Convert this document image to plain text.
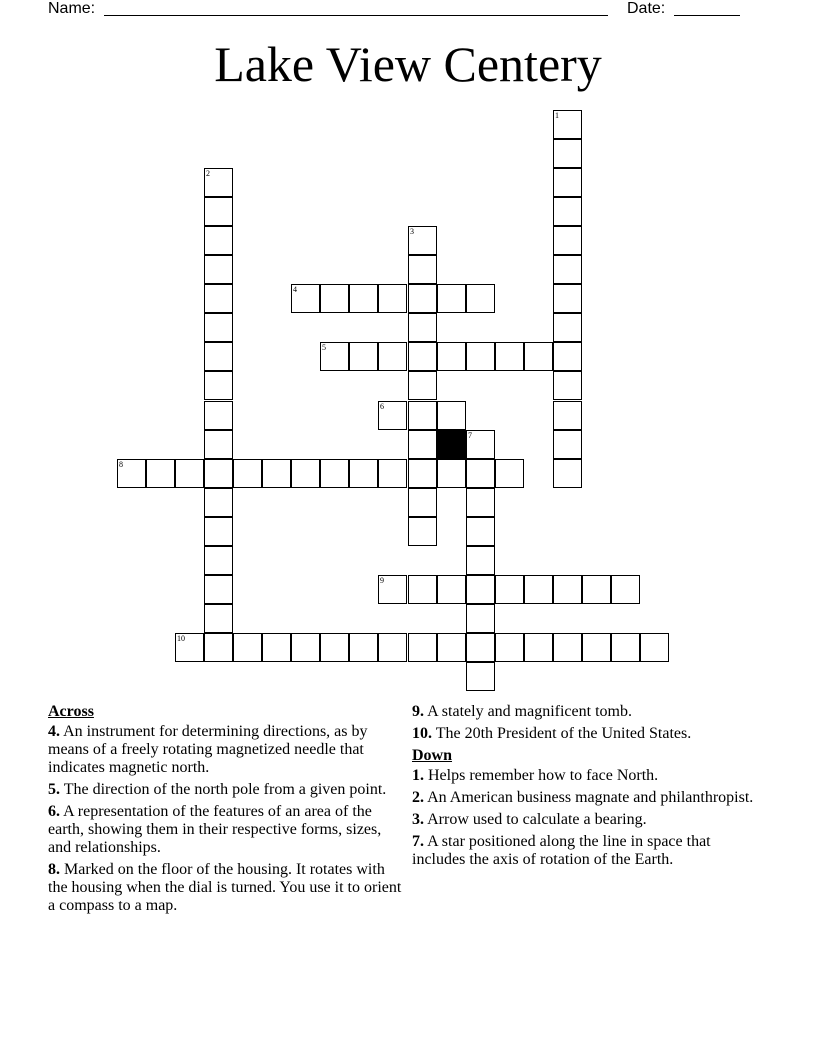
Name:	Date:
Lake View Centery
1
2
3
4
5
6
7
8
9
10
Across
4. An instrument for determining directions, as by means of a freely rotating magnetized needle that indicates magnetic north.
5. The direction of the north pole from a given point.
6. A representation of the features of an area of the earth, showing them in their respective forms, sizes, and relationships.
8. Marked on the floor of the housing. It rotates with the housing when the dial is turned. You use it to orient a compass to a map.
9. A stately and magnificent tomb.
10. The 20th President of the United States.
Down
1. Helps remember how to face North.
2. An American business magnate and philanthropist.
3. Arrow used to calculate a bearing.
7. A star positioned along the line in space that includes the axis of rotation of the Earth.
